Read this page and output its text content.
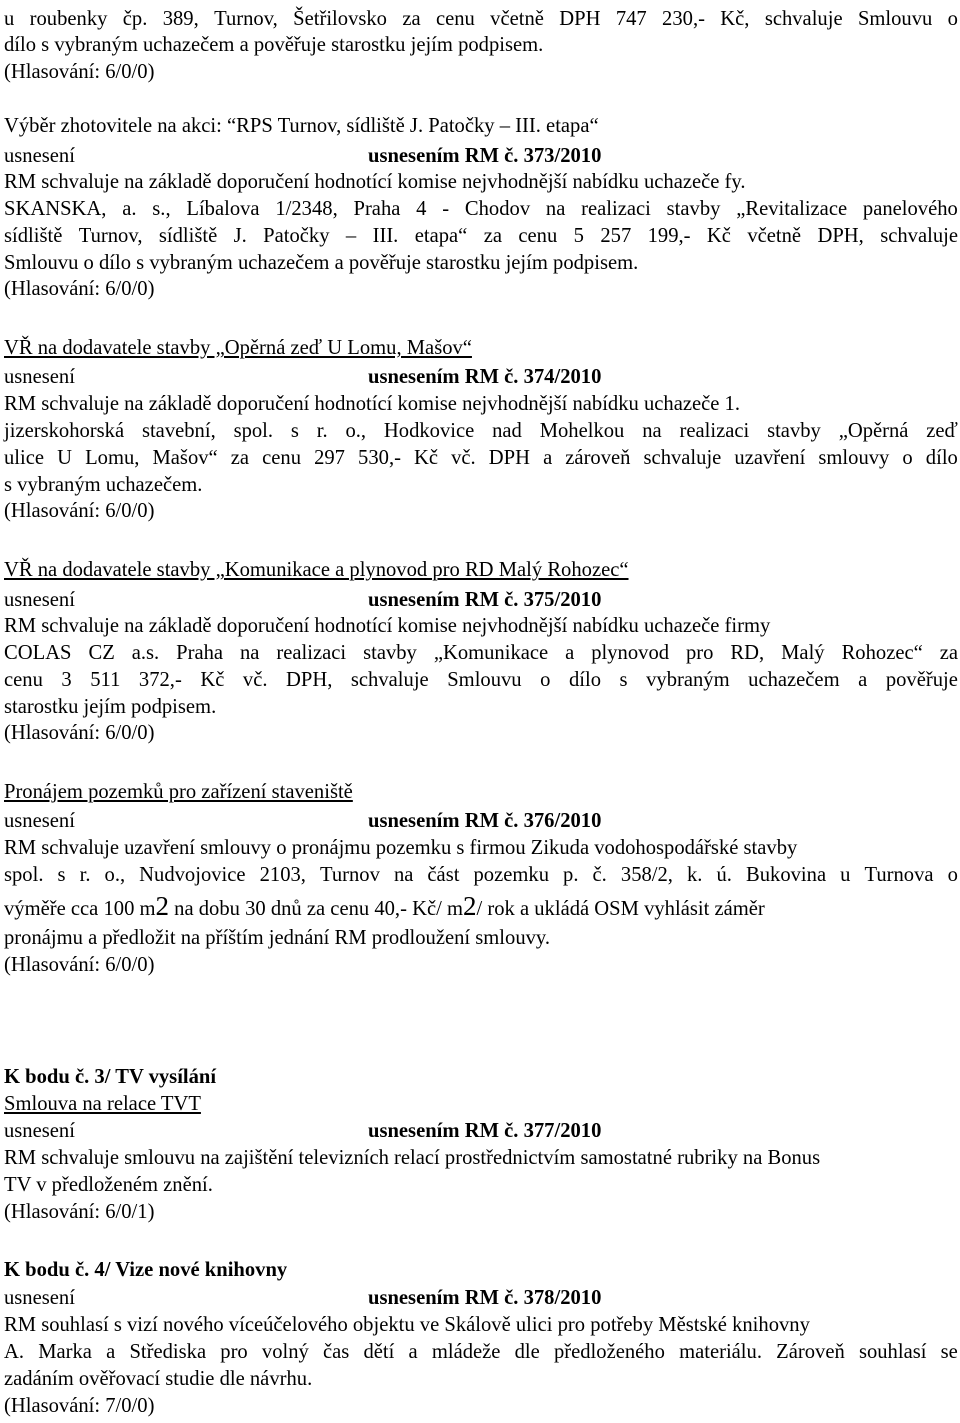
u roubenky čp. 389, Turnov, Šetřilovsko za cenu včetně DPH 747 230,- Kč, schvaluje Smlouvu o
dílo s vybraným uchazečem a pověřuje starostku jejím podpisem.
(Hlasování: 6/0/0)
Výběr zhotovitele na akci: “RPS Turnov, sídliště J. Patočky – III. etapa“
usnesení	usnesením RM č. 373/2010
RM schvaluje na základě doporučení hodnotící komise nejvhodnější nabídku uchazeče fy.
SKANSKA, a. s., Líbalova 1/2348, Praha 4 - Chodov na realizaci stavby „Revitalizace panelového
sídliště Turnov, sídliště J. Patočky – III. etapa“ za cenu 5 257 199,- Kč včetně DPH, schvaluje
Smlouvu o dílo s vybraným uchazečem a pověřuje starostku jejím podpisem.
(Hlasování: 6/0/0)
VŘ na dodavatele stavby „Opěrná zeď U Lomu, Mašov“
usnesení	usnesením RM č. 374/2010
RM schvaluje na základě doporučení hodnotící komise nejvhodnější nabídku uchazeče 1.
jizerskohorská stavební, spol. s r. o., Hodkovice nad Mohelkou na realizaci stavby „Opěrná zeď
ulice U Lomu, Mašov“ za cenu 297 530,- Kč vč. DPH a zároveň schvaluje uzavření smlouvy o dílo
s vybraným uchazečem.
(Hlasování: 6/0/0)
VŘ na dodavatele stavby „Komunikace a plynovod pro RD Malý Rohozec“
usnesení	usnesením RM č. 375/2010
RM schvaluje na základě doporučení hodnotící komise nejvhodnější nabídku uchazeče firmy
COLAS CZ a.s. Praha na realizaci stavby „Komunikace a plynovod pro RD, Malý Rohozec“ za
cenu 3 511 372,- Kč vč. DPH, schvaluje Smlouvu o dílo s vybraným uchazečem a pověřuje
starostku jejím podpisem.
(Hlasování: 6/0/0)
Pronájem pozemků pro zařízení staveniště
usnesení	usnesením RM č. 376/2010
RM schvaluje uzavření smlouvy o pronájmu pozemku s firmou Zikuda vodohospodářské stavby
spol. s r. o., Nudvojovice 2103, Turnov na část pozemku p. č. 358/2, k. ú. Bukovina u Turnova o
výměře cca 100 m2 na dobu 30 dnů za cenu 40,- Kč/ m2/ rok a ukládá OSM vyhlásit záměr
pronájmu a předložit na příštím jednání RM prodloužení smlouvy.
(Hlasování: 6/0/0)
K bodu č. 3/ TV vysílání
Smlouva na relace TVT
usnesení	usnesením RM č. 377/2010
RM schvaluje smlouvu na zajištění televizních relací prostřednictvím samostatné rubriky na Bonus
TV v předloženém znění.
(Hlasování: 6/0/1)
K bodu č. 4/ Vize nové knihovny
usnesení	usnesením RM č. 378/2010
RM souhlasí s vizí nového víceúčelového objektu ve Skálově ulici pro potřeby Městské knihovny
A. Marka a Střediska pro volný čas dětí a mládeže dle předloženého materiálu. Zároveň souhlasí se
zadáním ověřovací studie dle návrhu.
(Hlasování: 7/0/0)
